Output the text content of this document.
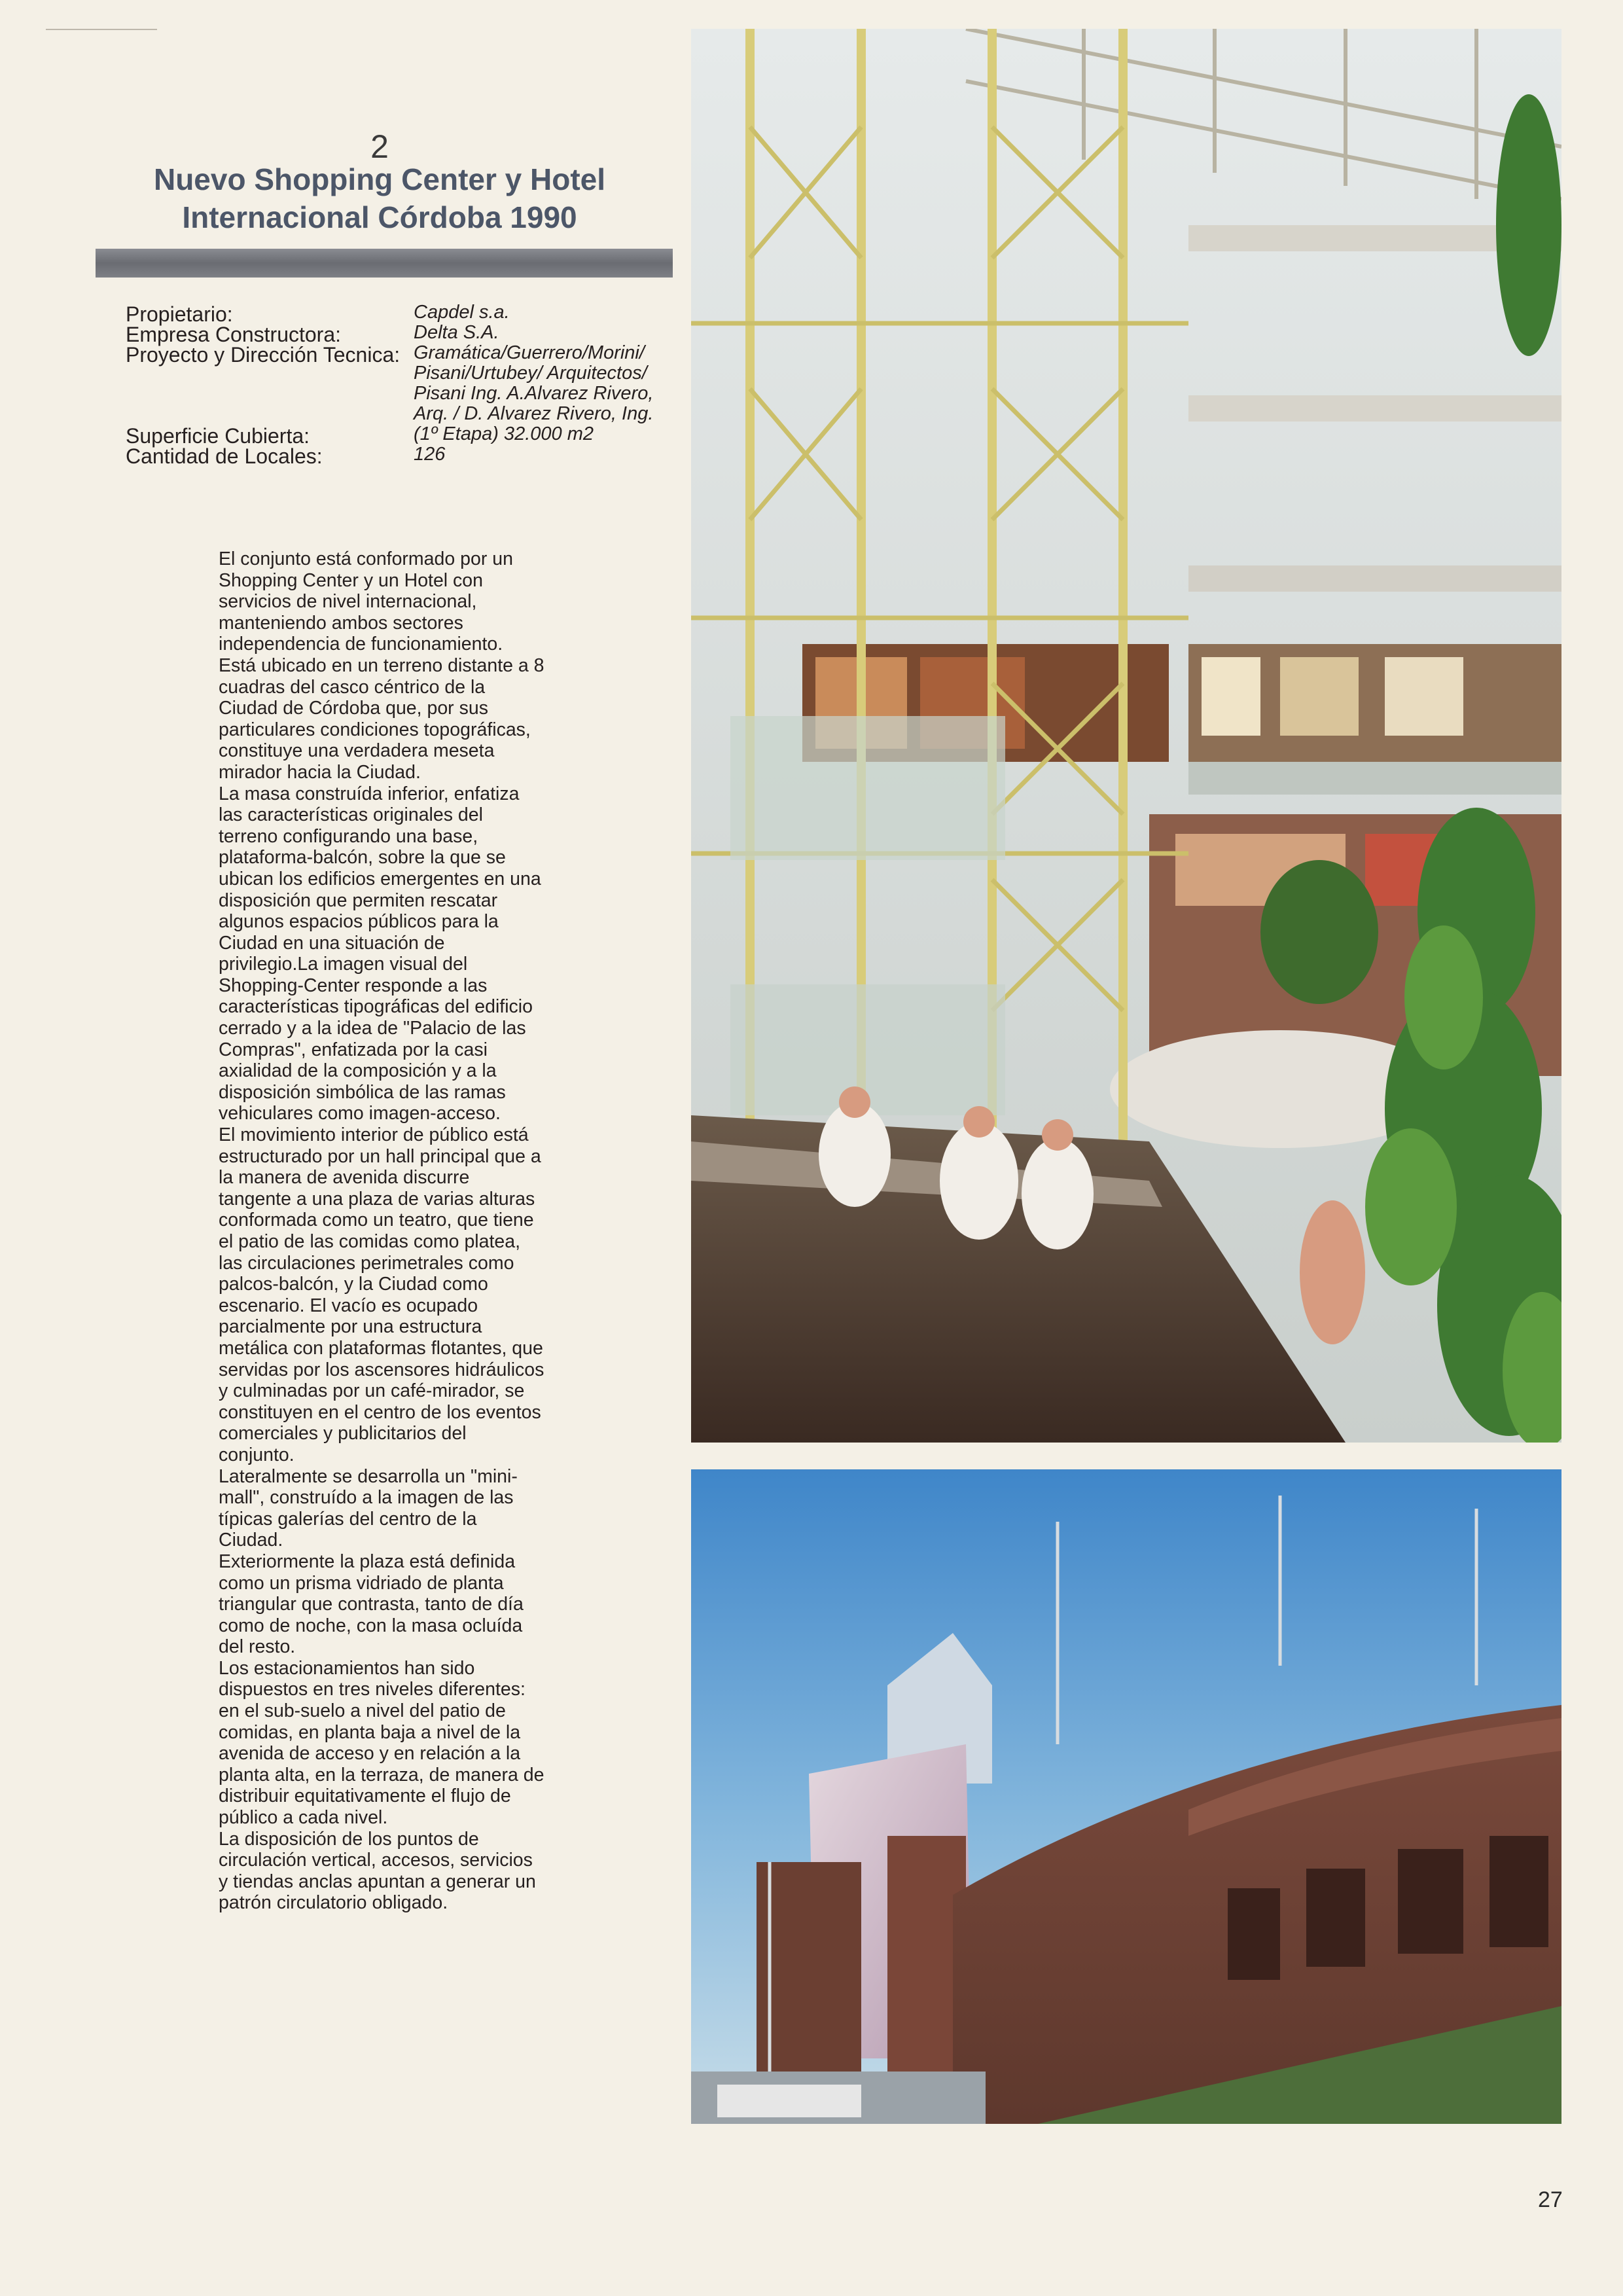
2
Nuevo Shopping Center y Hotel
Internacional Córdoba 1990
Propietario:	Capdel s.a.
Empresa Constructora:	Delta S.A.
Proyecto y Dirección Tecnica: Gramática/Guerrero/Morini/
Pisani/Urtubey/ Arquitectos/
Pisani Ing. A.Alvarez Rivero,
Arq. / D. Alvarez Rivero, Ing.
Superficie Cubierta:	(1º Etapa) 32.000 m2
Cantidad de Locales:	126

El conjunto está conformado por un Shopping Center y un Hotel con servicios de nivel internacional, manteniendo ambos sectores independencia de funcionamiento.

Está ubicado en un terreno distante a 8 cuadras del casco céntrico de la Ciudad de Córdoba que, por sus particulares condiciones topográficas, constituye una verdadera meseta mirador hacia la Ciudad.

La masa construída inferior, enfatiza las características originales del terreno configurando una base, plataforma-balcón, sobre la que se ubican los edificios emergentes en una disposición que permiten rescatar algunos espacios públicos para la Ciudad en una situación de privilegio.La imagen visual del Shopping-Center responde a las características tipográficas del edificio cerrado y a la idea de "Palacio de las Compras", enfatizada por la casi axialidad de la composición y a la disposición simbólica de las ramas vehiculares como imagen-acceso.

El movimiento interior de público está estructurado por un hall principal que a la manera de avenida discurre tangente a una plaza de varias alturas conformada como un teatro, que tiene el patio de las comidas como platea, las circulaciones perimetrales como palcos-balcón, y la Ciudad como escenario. El vacío es ocupado parcialmente por una estructura metálica con plataformas flotantes, que servidas por los ascensores hidráulicos y culminadas por un café-mirador, se constituyen en el centro de los eventos comerciales y publicitarios del conjunto.

Lateralmente se desarrolla un "mini-mall", construído a la imagen de las típicas galerías del centro de la Ciudad.

Exteriormente la plaza está definida como un prisma vidriado de planta triangular que contrasta, tanto de día como de noche, con la masa ocluída del resto.

Los estacionamientos han sido dispuestos en tres niveles diferentes: en el sub-suelo a nivel del patio de comidas, en planta baja a nivel de la avenida de acceso y en relación a la planta alta, en la terraza, de manera de distribuir equitativamente el flujo de público a cada nivel.

La disposición de los puntos de circulación vertical, accesos, servicios y tiendas anclas apuntan a generar un patrón circulatorio obligado.

27
